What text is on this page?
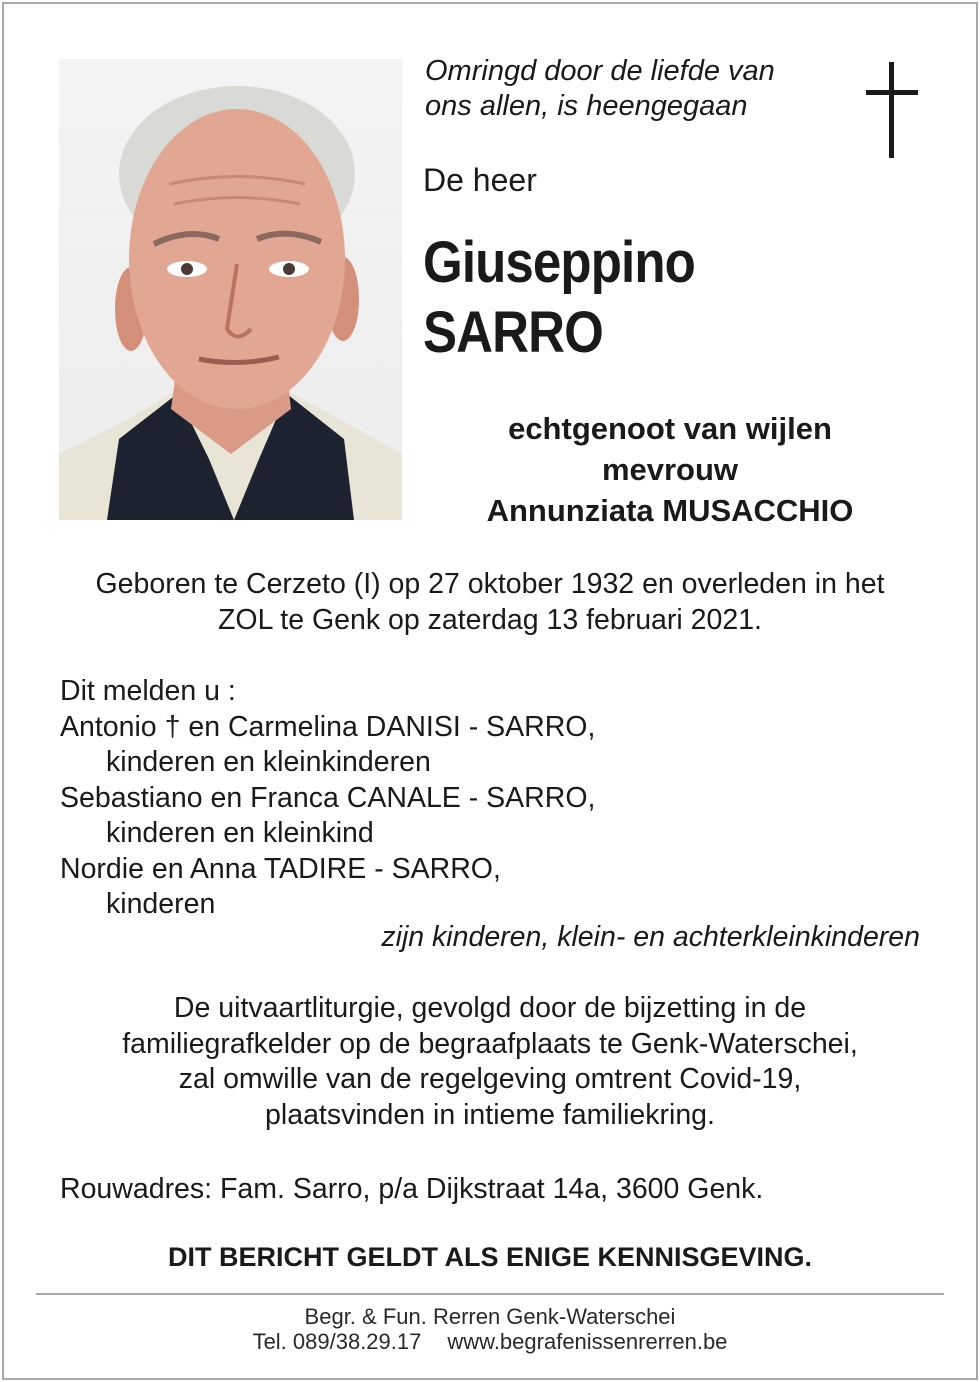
Omringd door de liefde van
ons allen, is heengegaan
De heer
Giuseppino
SARRO
echtgenoot van wijlen
mevrouw
Annunziata MUSACCHIO
Geboren te Cerzeto (I) op 27 oktober 1932 en overleden in het
ZOL te Genk op zaterdag 13 februari 2021.
Dit melden u :
Antonio † en Carmelina DANISI - SARRO,
kinderen en kleinkinderen
Sebastiano en Franca CANALE - SARRO,
kinderen en kleinkind
Nordie en Anna TADIRE - SARRO,
kinderen
zijn kinderen, klein- en achterkleinkinderen
De uitvaartliturgie, gevolgd door de bijzetting in de
familiegrafkelder op de begraafplaats te Genk-Waterschei,
zal omwille van de regelgeving omtrent Covid-19,
plaatsvinden in intieme familiekring.
Rouwadres: Fam. Sarro, p/a Dijkstraat 14a, 3600 Genk.
DIT BERICHT GELDT ALS ENIGE KENNISGEVING.
Begr. & Fun. Rerren Genk-Waterschei
Tel. 089/38.29.17 www.begrafenissenrerren.be
